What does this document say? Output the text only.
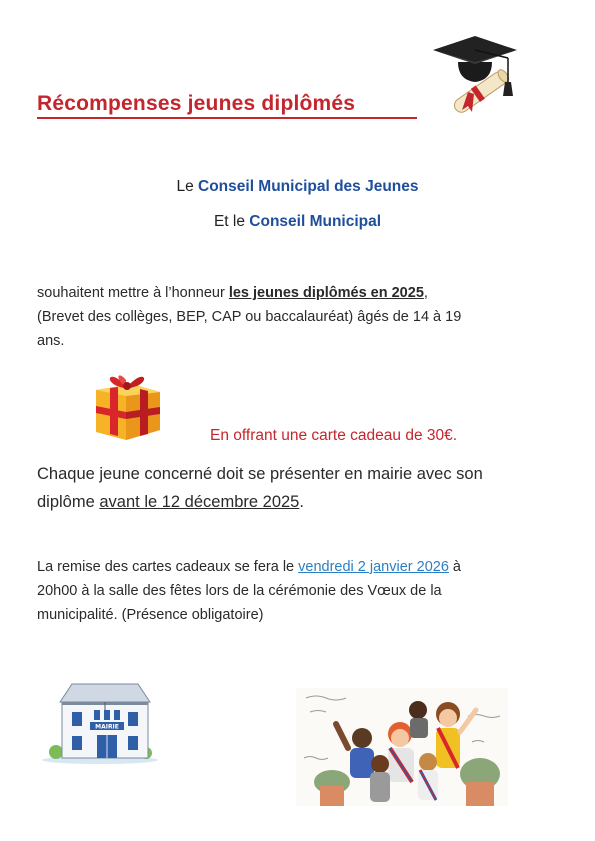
Récompenses jeunes diplômés
Le Conseil Municipal des Jeunes
Et le Conseil Municipal
souhaitent mettre à l’honneur les jeunes diplômés en 2025,
(Brevet des collèges, BEP, CAP ou baccalauréat) âgés de 14 à 19
ans.
En offrant une carte cadeau de 30€.
Chaque jeune concerné doit se présenter en mairie avec son
diplôme avant le 12 décembre 2025.
La remise des cartes cadeaux se fera le vendredi 2 janvier 2026 à
20h00 à la salle des fêtes lors de la cérémonie des Vœux de la
municipalité. (Présence obligatoire)
MAIRIE
